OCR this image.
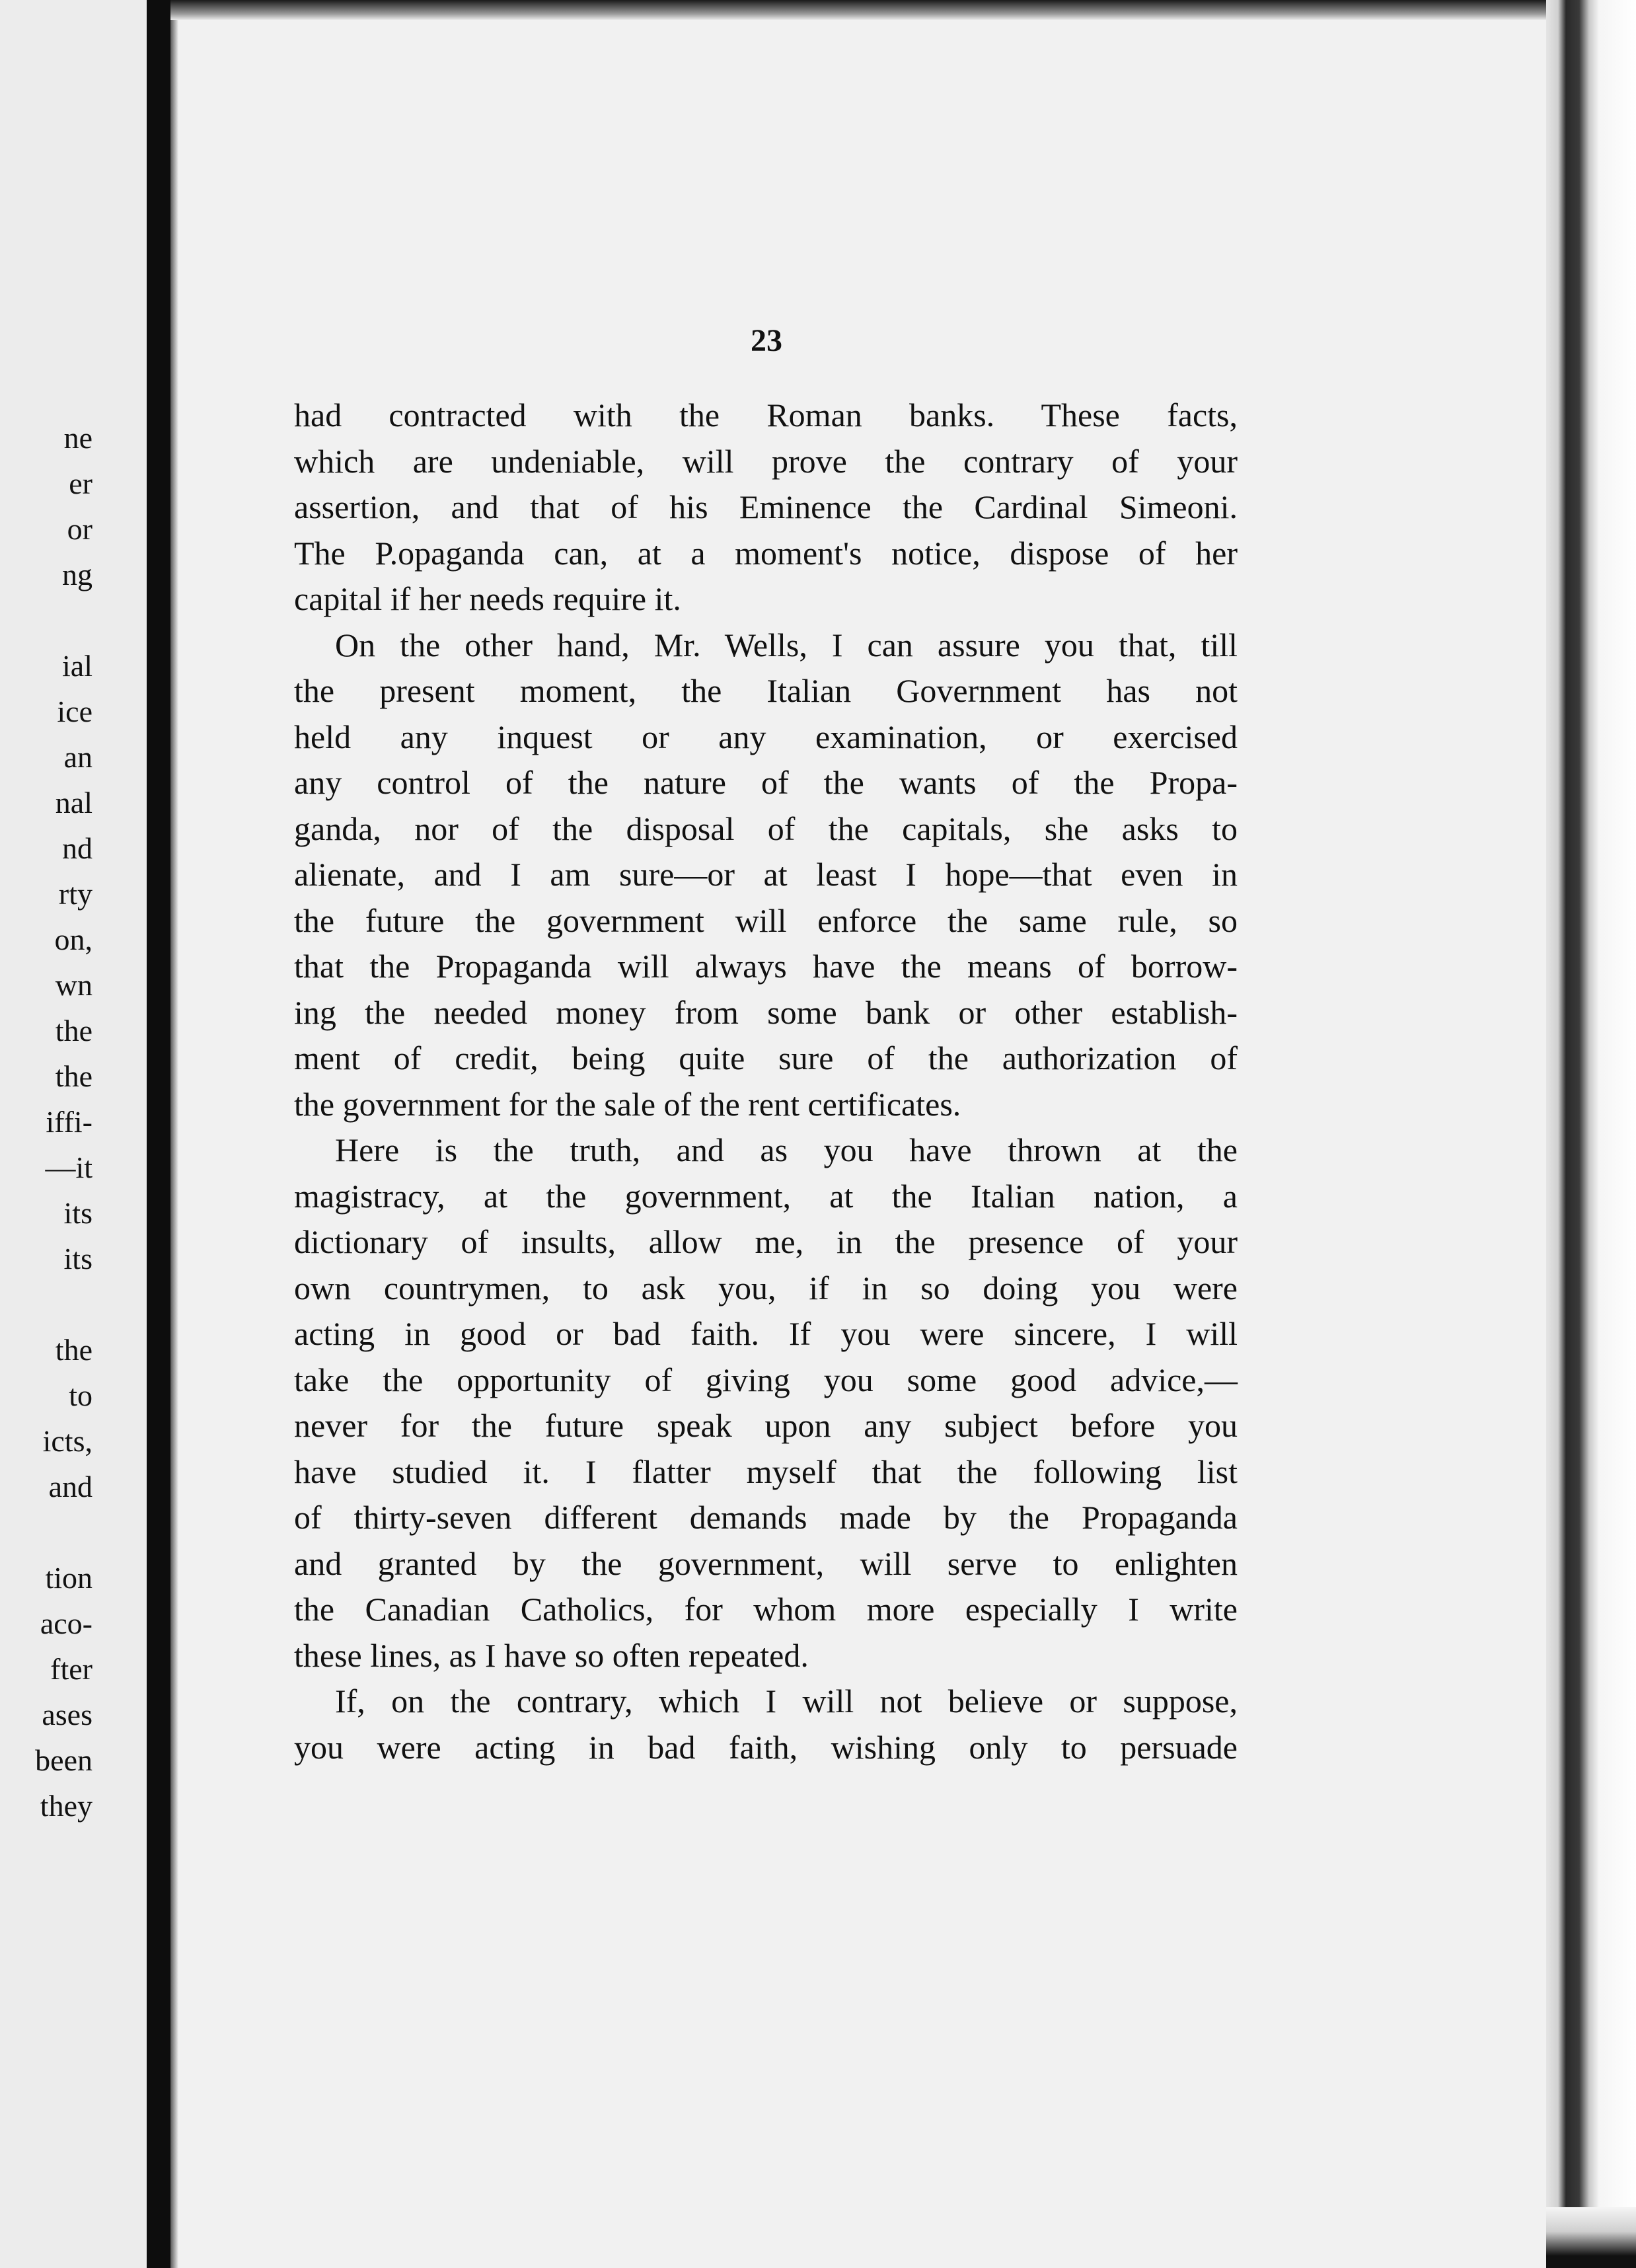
ne
er
or
ng
ial
ice
an
nal
nd
rty
on,
wn
the
the
iffi-
—it
its
its
the
to
icts,
and
tion
aco-
fter
ases
been
they
23
had contracted with the Roman banks. These facts,
which are undeniable, will prove the contrary of your
assertion, and that of his Eminence the Cardinal Simeoni.
The P.opaganda can, at a moment's notice, dispose of her
capital if her needs require it.
On the other hand, Mr. Wells, I can assure you that, till
the present moment, the Italian Government has not
held any inquest or any examination, or exercised
any control of the nature of the wants of the Propa-
ganda, nor of the disposal of the capitals, she asks to
alienate, and I am sure—or at least I hope—that even in
the future the government will enforce the same rule, so
that the Propaganda will always have the means of borrow-
ing the needed money from some bank or other establish-
ment of credit, being quite sure of the authorization of
the government for the sale of the rent certificates.
Here is the truth, and as you have thrown at the
magistracy, at the government, at the Italian nation, a
dictionary of insults, allow me, in the presence of your
own countrymen, to ask you, if in so doing you were
acting in good or bad faith. If you were sincere, I will
take the opportunity of giving you some good advice,—
never for the future speak upon any subject before you
have studied it. I flatter myself that the following list
of thirty-seven different demands made by the Propaganda
and granted by the government, will serve to enlighten
the Canadian Catholics, for whom more especially I write
these lines, as I have so often repeated.
If, on the contrary, which I will not believe or suppose,
you were acting in bad faith, wishing only to persuade
